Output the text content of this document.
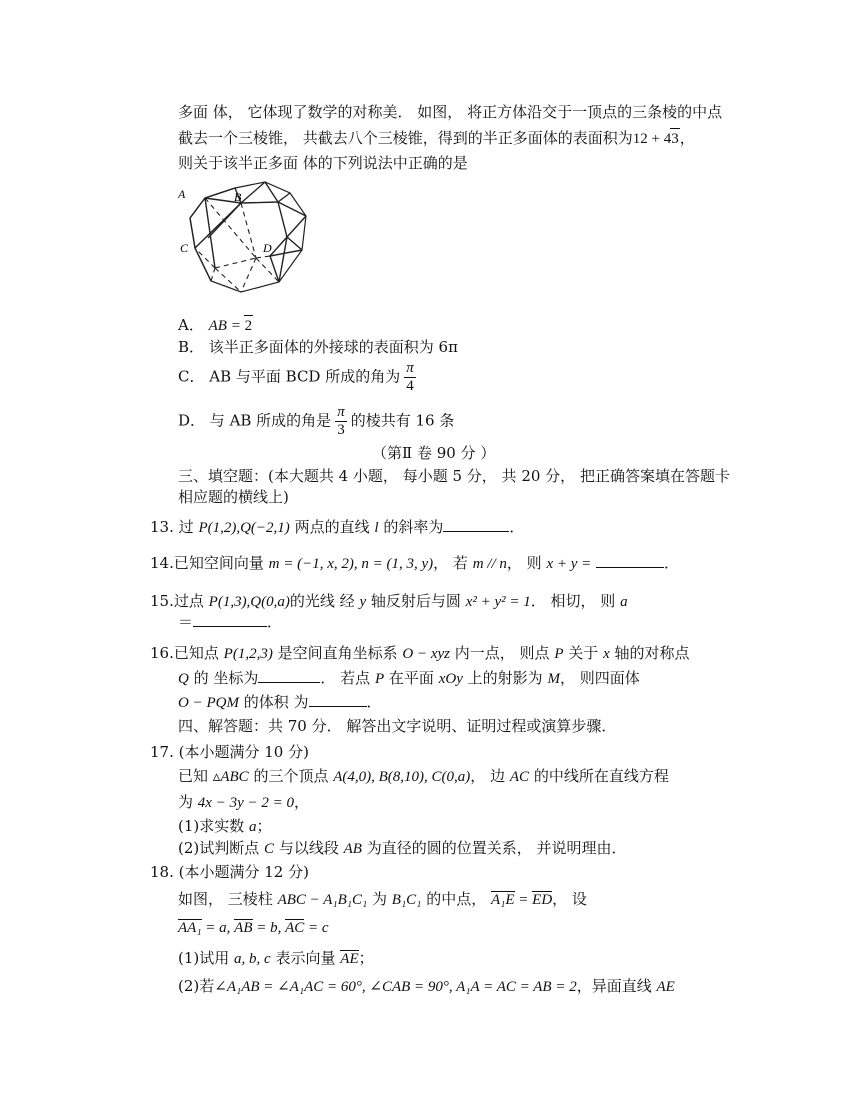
多面 体， 它体现了数学的对称美． 如图， 将正方体沿交于一顶点的三条棱的中点
截去一个三棱锥， 共截去八个三棱锥，得到的半正多面体的表面积为12 + 43，
则关于该半正多面 体的下列说法中正确的是
A	B
C	D
A． AB = 2
B． 该半正多面体的外接球的表面积为 6π
C． AB 与平面 BCD 所成的角为 $\frac{\pi}{4}$
D． 与 AB 所成的角是 $\frac{\pi}{3}$ 的棱共有 16 条
（第Ⅱ 卷 90 分 ）
三、填空题：(本大题共 4 小题， 每小题 5 分， 共 20 分， 把正确答案填在答题卡
相应题的横线上)
13. 过 P(1,2),Q(−2,1) 两点的直线 l 的斜率为	．
14.已知空间向量 m = (−1, x, 2), n = (1, 3, y)， 若 m // n， 则 x + y =	．
15.过点 P(1,3),Q(0,a)的光线 经 y 轴反射后与圆 x² + y² = 1． 相切， 则 a
＝	．
16.已知点 P(1,2,3) 是空间直角坐标系 O − xyz 内一点， 则点 P 关于 x 轴的对称点
Q 的 坐标为	． 若点 P 在平面 xOy 上的射影为 M， 则四面体
O − PQM 的体积 为	．
四、解答题：共 70 分． 解答出文字说明、证明过程或演算步骤．
17. (本小题满分 10 分)
已知 ▵ABC 的三个顶点 A(4,0), B(8,10), C(0,a)， 边 AC 的中线所在直线方程
为 4x − 3y − 2 = 0，
(1)求实数 a；
(2)试判断点 C 与以线段 AB 为直径的圆的位置关系， 并说明理由．
18. (本小题满分 12 分)
如图， 三棱柱 ABC − A₁B₁C₁ 为 B₁C₁ 的中点， A₁E = ED， 设
AA₁ = a, AB = b, AC = c
(1)试用 a, b, c 表示向量 AE；
(2)若∠A₁AB = ∠A₁AC = 60°, ∠CAB = 90°, A₁A = AC = AB = 2，异面直线 AE
